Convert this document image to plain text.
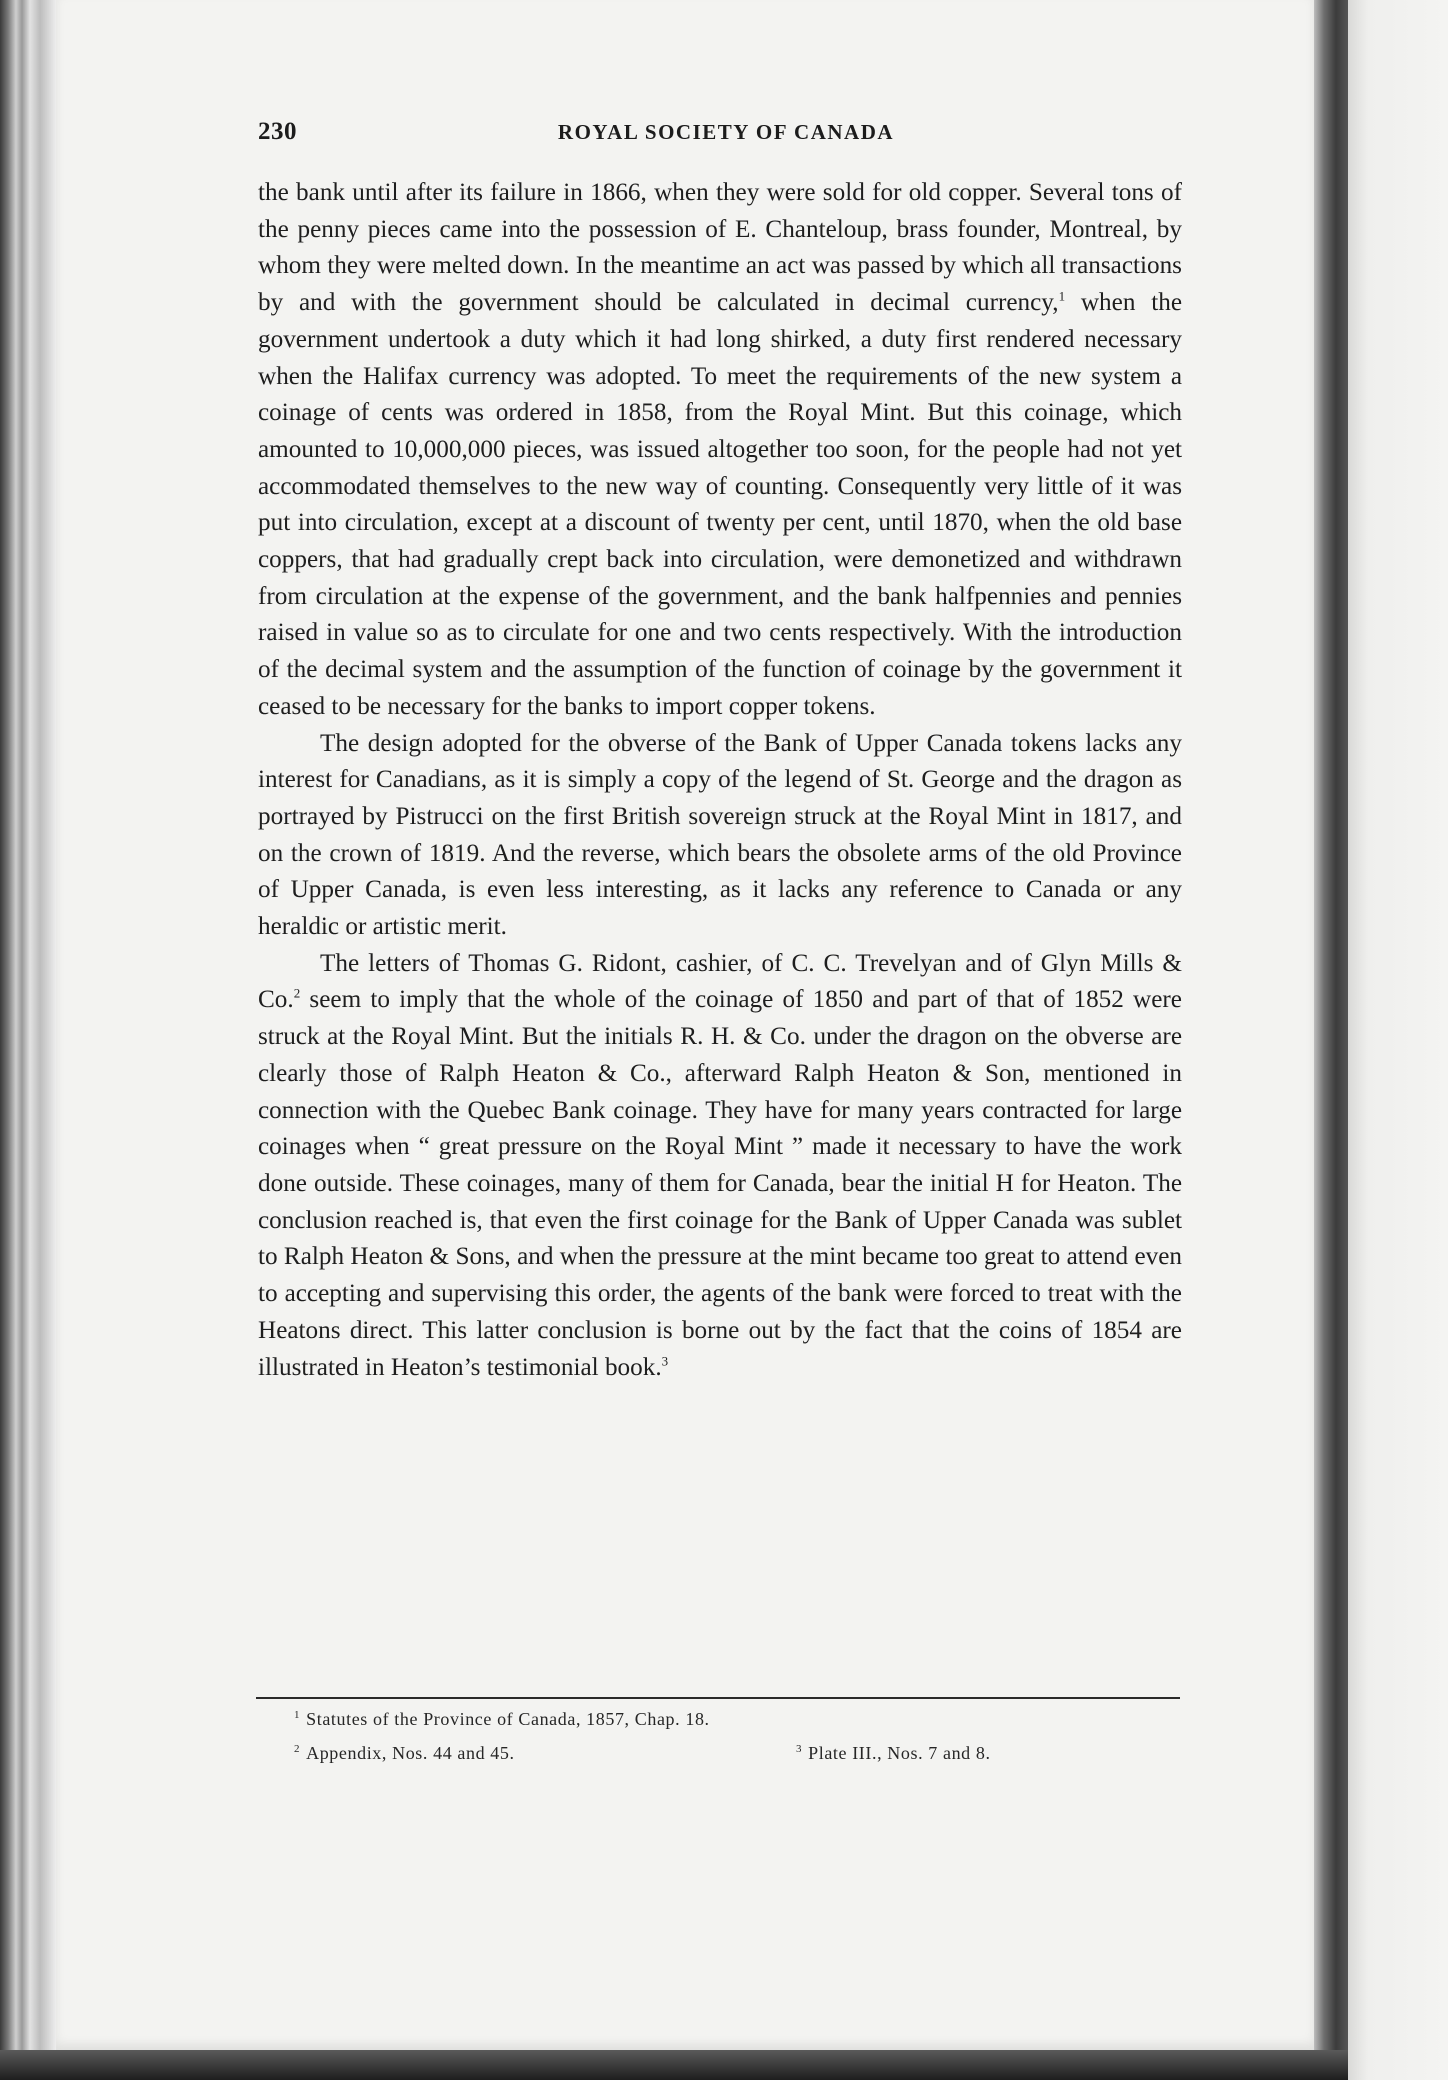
230	ROYAL SOCIETY OF CANADA

the bank until after its failure in 1866, when they were sold for old copper. Several tons of the penny pieces came into the possession of E. Chanteloup, brass founder, Montreal, by whom they were melted down. In the meantime an act was passed by which all transactions by and with the government should be calculated in decimal currency,$^1$ when the government undertook a duty which it had long shirked, a duty first rendered necessary when the Halifax currency was adopted. To meet the requirements of the new system a coinage of cents was ordered in 1858, from the Royal Mint. But this coinage, which amounted to 10,000,000 pieces, was issued altogether too soon, for the people had not yet accommodated themselves to the new way of counting. Consequently very little of it was put into circulation, except at a discount of twenty per cent, until 1870, when the old base coppers, that had gradually crept back into circulation, were demonetized and withdrawn from circulation at the expense of the government, and the bank halfpennies and pennies raised in value so as to circulate for one and two cents respectively. With the introduction of the decimal system and the assumption of the function of coinage by the government it ceased to be necessary for the banks to import copper tokens.

The design adopted for the obverse of the Bank of Upper Canada tokens lacks any interest for Canadians, as it is simply a copy of the legend of St. George and the dragon as portrayed by Pistrucci on the first British sovereign struck at the Royal Mint in 1817, and on the crown of 1819. And the reverse, which bears the obsolete arms of the old Province of Upper Canada, is even less interesting, as it lacks any reference to Canada or any heraldic or artistic merit.

The letters of Thomas G. Ridont, cashier, of C. C. Trevelyan and of Glyn Mills & Co.$^2$ seem to imply that the whole of the coinage of 1850 and part of that of 1852 were struck at the Royal Mint. But the initials R. H. & Co. under the dragon on the obverse are clearly those of Ralph Heaton & Co., afterward Ralph Heaton & Son, mentioned in connection with the Quebec Bank coinage. They have for many years contracted for large coinages when “ great pressure on the Royal Mint ” made it necessary to have the work done outside. These coinages, many of them for Canada, bear the initial H for Heaton. The conclusion reached is, that even the first coinage for the Bank of Upper Canada was sublet to Ralph Heaton & Sons, and when the pressure at the mint became too great to attend even to accepting and supervising this order, the agents of the bank were forced to treat with the Heatons direct. This latter conclusion is borne out by the fact that the coins of 1854 are illustrated in Heaton’s testimonial book.$^3$

$^1$ Statutes of the Province of Canada, 1857, Chap. 18.
$^2$ Appendix, Nos. 44 and 45.	$^3$ Plate III., Nos. 7 and 8.
